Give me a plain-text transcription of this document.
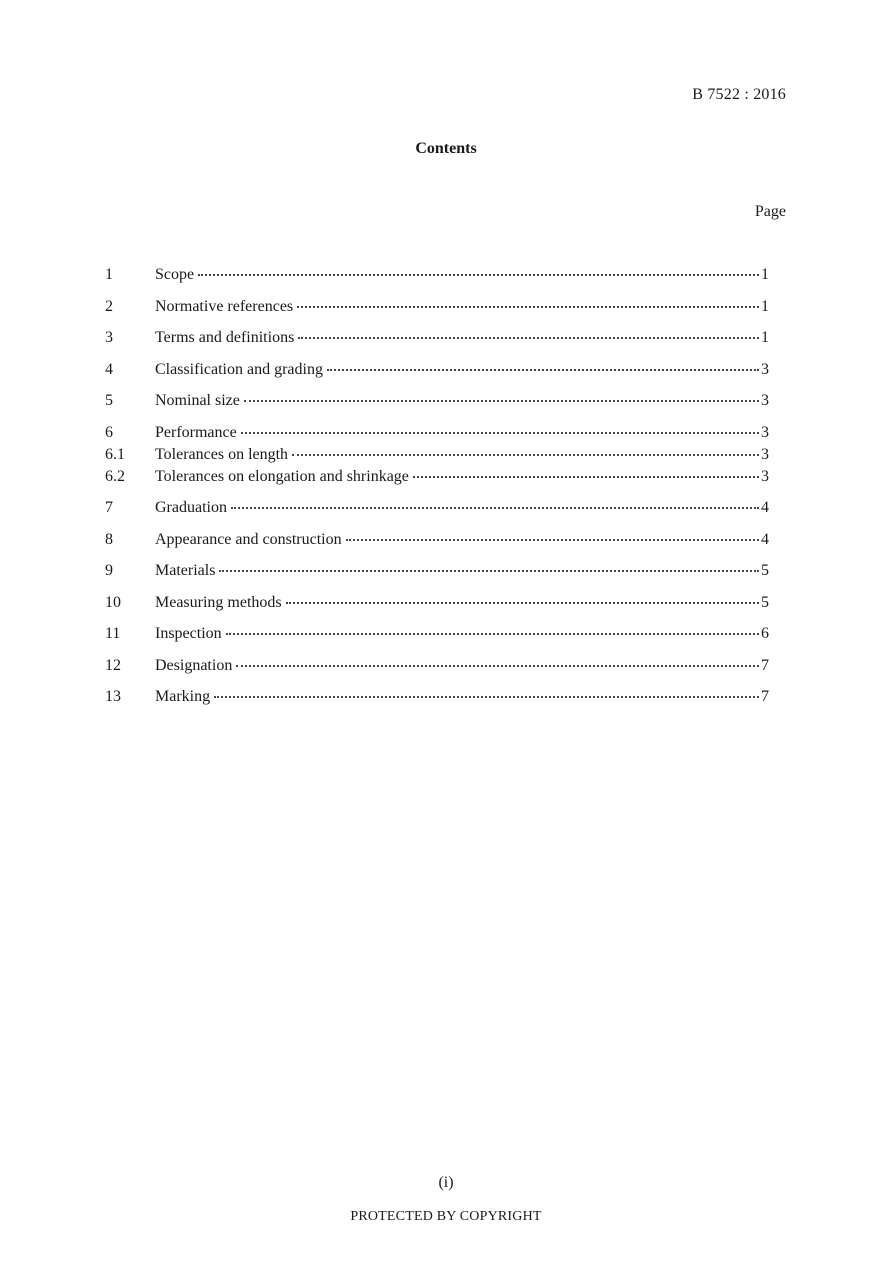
B 7522 : 2016
Contents
Page
1	Scope	1
2	Normative references	1
3	Terms and definitions	1
4	Classification and grading	3
5	Nominal size	3
6	Performance	3
6.1	Tolerances on length	3
6.2	Tolerances on elongation and shrinkage	3
7	Graduation	4
8	Appearance and construction	4
9	Materials	5
10	Measuring methods	5
11	Inspection	6
12	Designation	7
13	Marking	7
(i)
PROTECTED BY COPYRIGHT
